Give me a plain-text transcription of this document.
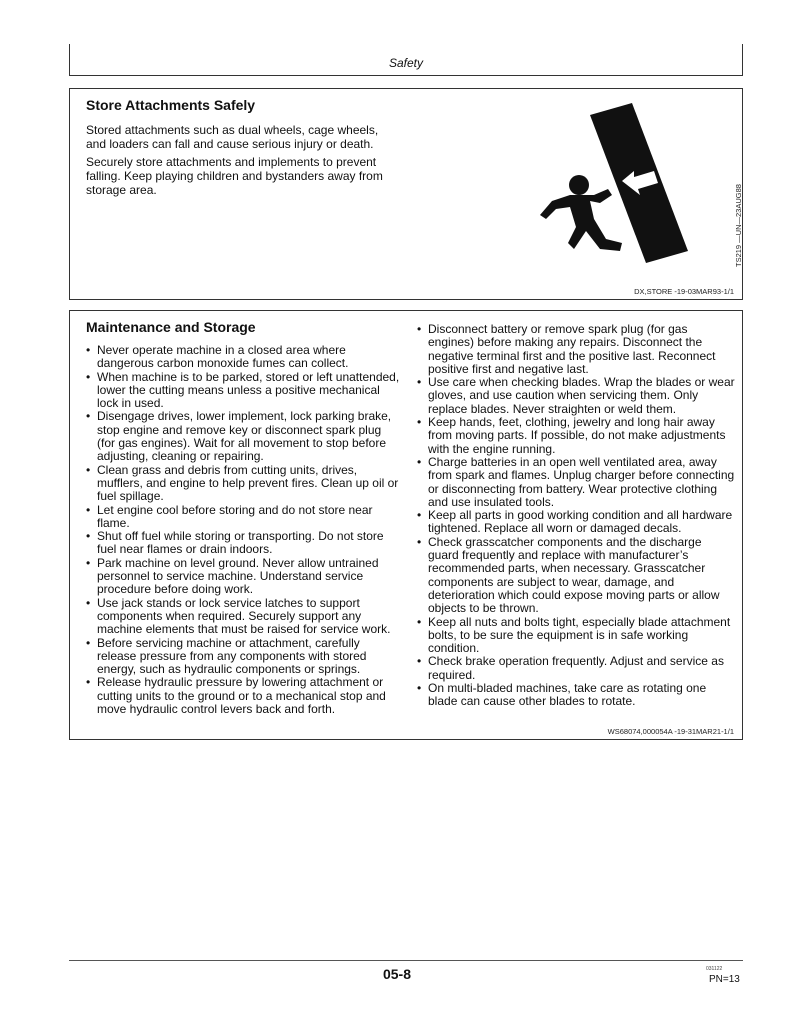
Safety
Store Attachments Safely

Stored attachments such as dual wheels, cage wheels, and loaders can fall and cause serious injury or death.

Securely store attachments and implements to prevent falling. Keep playing children and bystanders away from storage area.	TS219 —UN—23AUG88
DX,STORE -19-03MAR93-1/1
Maintenance and Storage
• Never operate machine in a closed area where dangerous carbon monoxide fumes can collect.
• When machine is to be parked, stored or left unattended, lower the cutting means unless a positive mechanical lock in used.
• Disengage drives, lower implement, lock parking brake, stop engine and remove key or disconnect spark plug (for gas engines). Wait for all movement to stop before adjusting, cleaning or repairing.
• Clean grass and debris from cutting units, drives, mufflers, and engine to help prevent fires. Clean up oil or fuel spillage.
• Let engine cool before storing and do not store near flame.
• Shut off fuel while storing or transporting. Do not store fuel near flames or drain indoors.
• Park machine on level ground. Never allow untrained personnel to service machine. Understand service procedure before doing work.
• Use jack stands or lock service latches to support components when required. Securely support any machine elements that must be raised for service work.
• Before servicing machine or attachment, carefully release pressure from any components with stored energy, such as hydraulic components or springs.
• Release hydraulic pressure by lowering attachment or cutting units to the ground or to a mechanical stop and move hydraulic control levers back and forth.
• Disconnect battery or remove spark plug (for gas engines) before making any repairs. Disconnect the negative terminal first and the positive last. Reconnect positive first and negative last.
• Use care when checking blades. Wrap the blades or wear gloves, and use caution when servicing them. Only replace blades. Never straighten or weld them.
• Keep hands, feet, clothing, jewelry and long hair away from moving parts. If possible, do not make adjustments with the engine running.
• Charge batteries in an open well ventilated area, away from spark and flames. Unplug charger before connecting or disconnecting from battery. Wear protective clothing and use insulated tools.
• Keep all parts in good working condition and all hardware tightened. Replace all worn or damaged decals.
• Check grasscatcher components and the discharge guard frequently and replace with manufacturer’s recommended parts, when necessary. Grasscatcher components are subject to wear, damage, and deterioration which could expose moving parts or allow objects to be thrown.
• Keep all nuts and bolts tight, especially blade attachment bolts, to be sure the equipment is in safe working condition.
• Check brake operation frequently. Adjust and service as required.
• On multi-bladed machines, take care as rotating one blade can cause other blades to rotate.
WS68074,000054A -19-31MAR21-1/1
05-8	031122
PN=13
